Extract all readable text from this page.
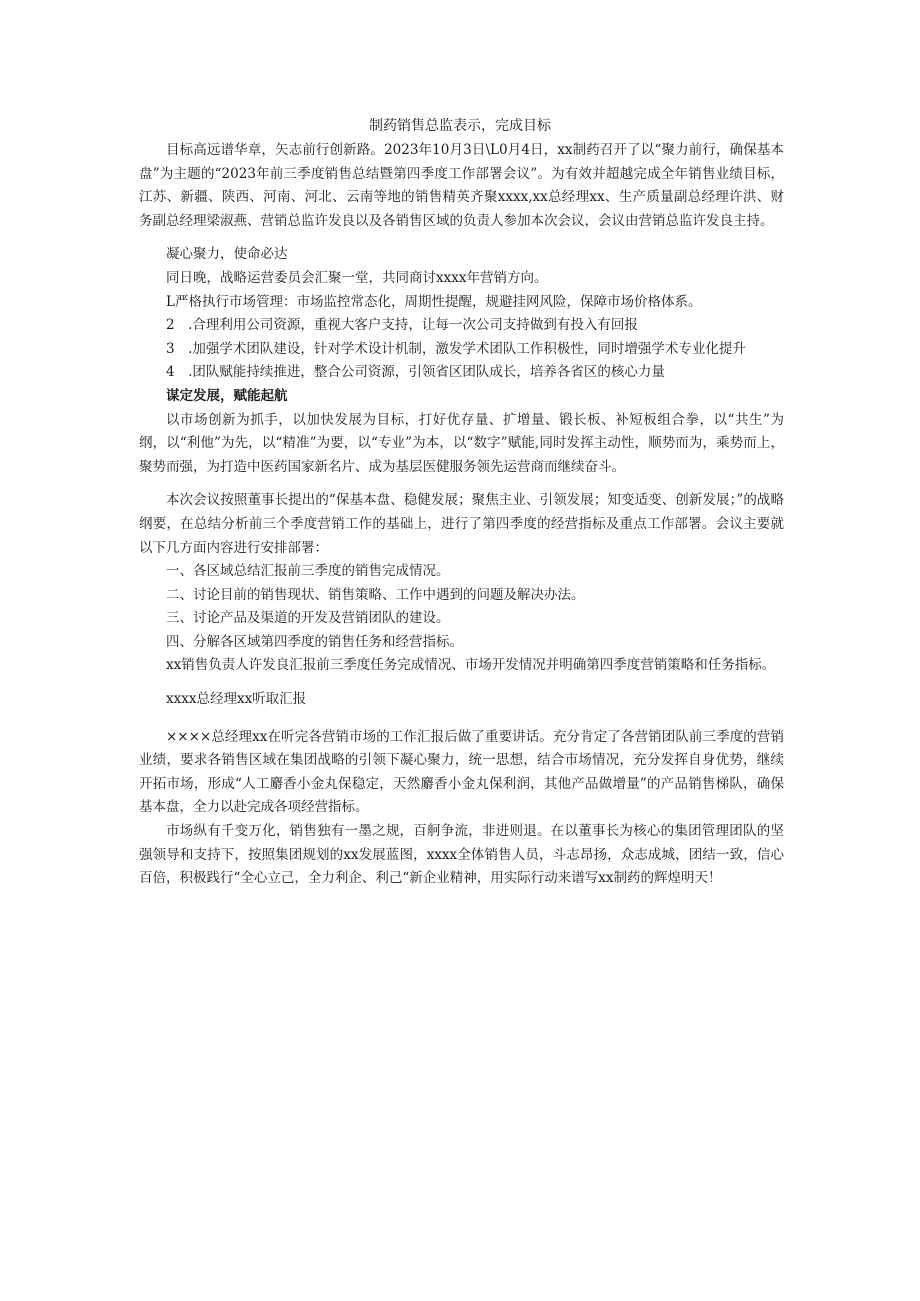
制药销售总监表示，完成目标

目标高远谱华章，矢志前行创新路。2023年10月3日\L0月4日，xx制药召开了以“聚力前行，确保基本盘”为主题的“2023年前三季度销售总结暨第四季度工作部署会议”。为有效并超越完成全年销售业绩目标，江苏、新疆、陕西、河南、河北、云南等地的销售精英齐聚xxxx,xx总经理xx、生产质量副总经理许洪、财务副总经理梁淑燕、营销总监许发良以及各销售区域的负责人参加本次会议，会议由营销总监许发良主持。

凝心聚力，使命必达

同日晚，战略运营委员会汇聚一堂，共同商讨xxxx年营销方向。

L严格执行市场管理：市场监控常态化，周期性提醒，规避挂网风险，保障市场价格体系。

2　.合理利用公司资源，重视大客户支持，让每一次公司支持做到有投入有回报

3　.加强学术团队建设，针对学术设计机制，激发学术团队工作积极性，同时增强学术专业化提升

4　.团队赋能持续推进，整合公司资源，引领省区团队成长，培养各省区的核心力量

谋定发展，赋能起航

以市场创新为抓手，以加快发展为目标，打好优存量、扩增量、锻长板、补短板组合拳，以“共生”为纲，以“利他”为先，以“精准”为要，以“专业”为本，以“数字”赋能,同时发挥主动性，顺势而为，乘势而上，聚势而强，为打造中医药国家新名片、成为基层医健服务领先运营商而继续奋斗。

本次会议按照董事长提出的“保基本盘、稳健发展；聚焦主业、引领发展；知变适变、创新发展；”的战略纲要，在总结分析前三个季度营销工作的基础上，进行了第四季度的经营指标及重点工作部署。会议主要就以下几方面内容进行安排部署：

一、各区域总结汇报前三季度的销售完成情况。

二、讨论目前的销售现状、销售策略、工作中遇到的问题及解决办法。

三、讨论产品及渠道的开发及营销团队的建设。

四、分解各区域第四季度的销售任务和经营指标。

xx销售负责人许发良汇报前三季度任务完成情况、市场开发情况并明确第四季度营销策略和任务指标。

xxxx总经理xx听取汇报

××××总经理xx在听完各营销市场的工作汇报后做了重要讲话。充分肯定了各营销团队前三季度的营销业绩，要求各销售区域在集团战略的引领下凝心聚力，统一思想，结合市场情况，充分发挥自身优势，继续开拓市场，形成“人工麝香小金丸保稳定，天然麝香小金丸保利润，其他产品做增量”的产品销售梯队，确保基本盘，全力以赴完成各项经营指标。

市场纵有千变万化，销售独有一墨之规，百舸争流，非进则退。在以董事长为核心的集团管理团队的坚强领导和支持下，按照集团规划的xx发展蓝图，xxxx全体销售人员，斗志昂扬，众志成城，团结一致，信心百倍，积极践行“全心立己，全力利企、利己“新企业精神，用实际行动来谱写xx制药的辉煌明天！
